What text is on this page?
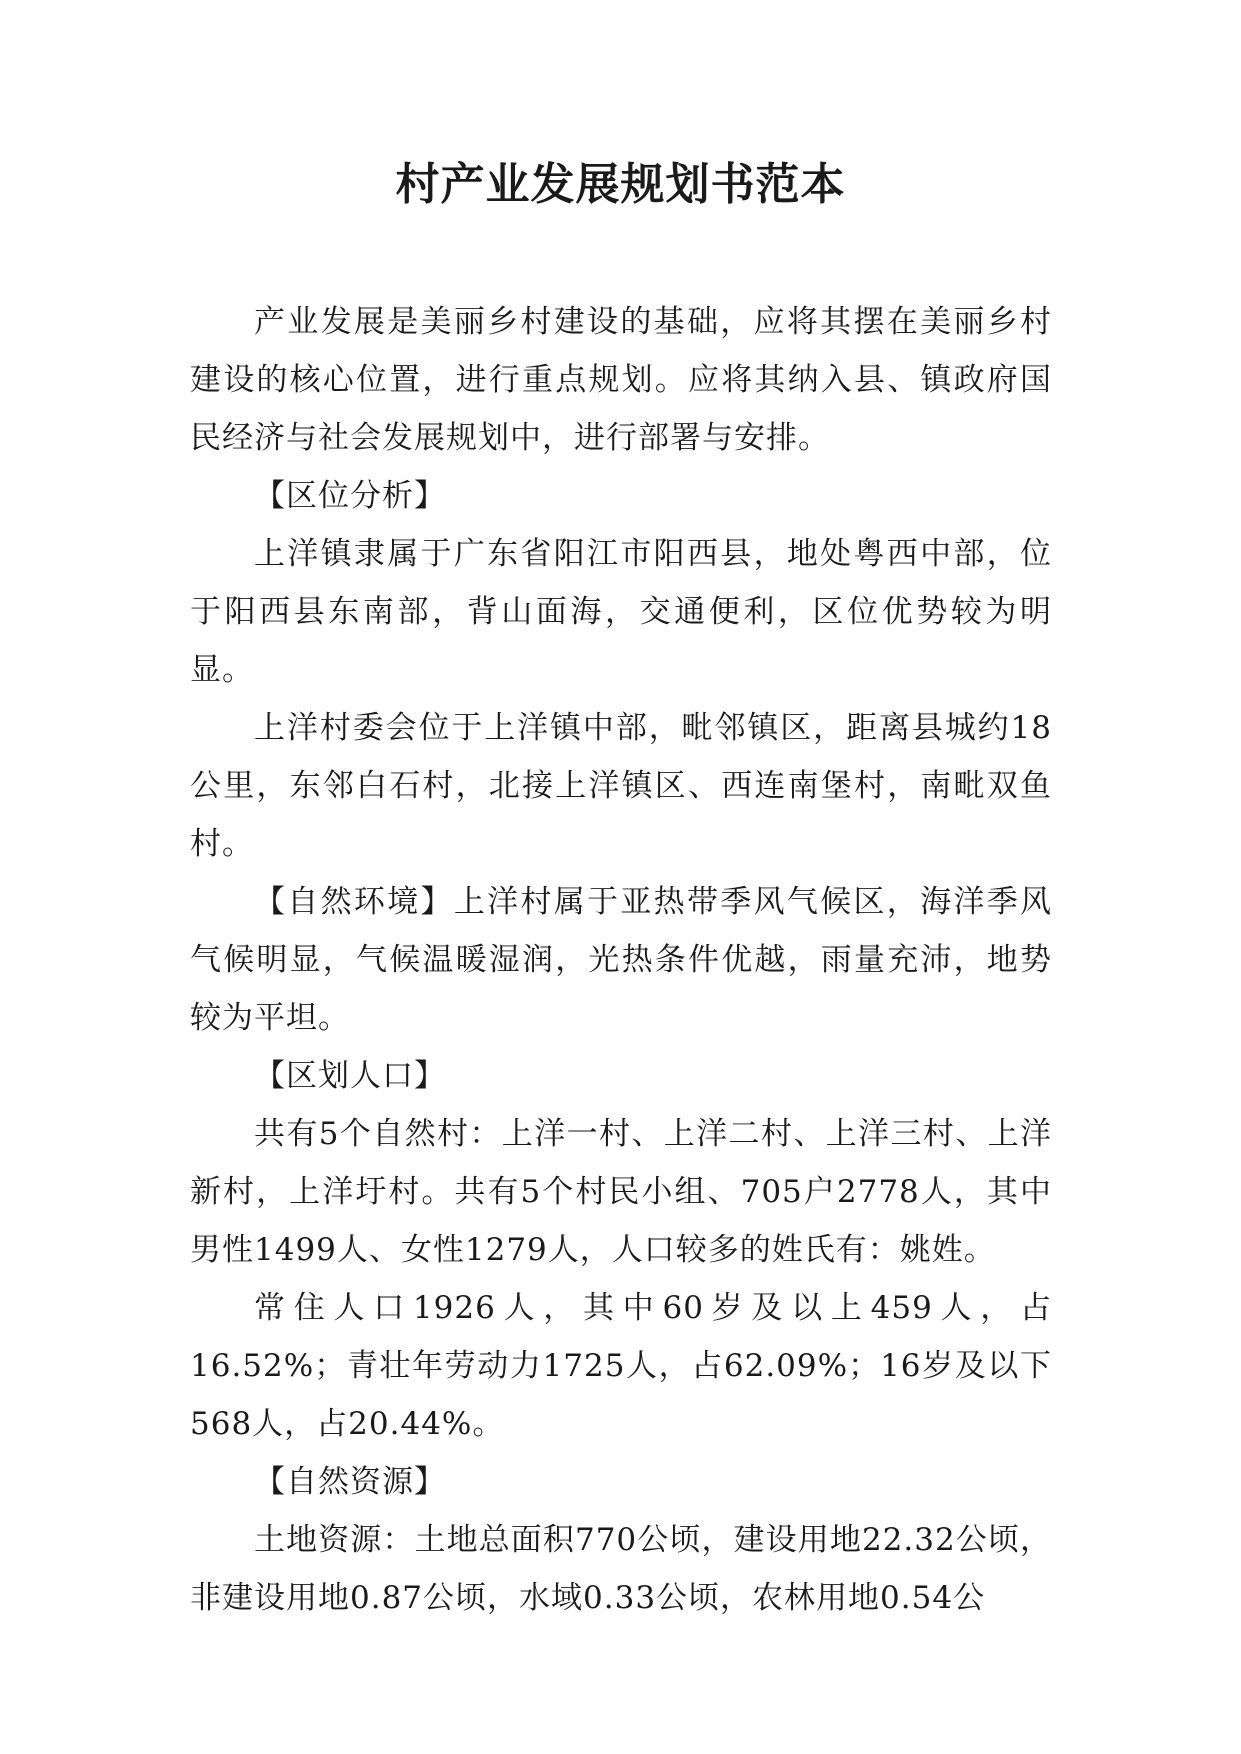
村产业发展规划书范本

产业发展是美丽乡村建设的基础，应将其摆在美丽乡村建设的核心位置，进行重点规划。应将其纳入县、镇政府国民经济与社会发展规划中，进行部署与安排。

【区位分析】

上洋镇隶属于广东省阳江市阳西县，地处粤西中部，位于阳西县东南部，背山面海，交通便利，区位优势较为明显。

上洋村委会位于上洋镇中部，毗邻镇区，距离县城约18公里，东邻白石村，北接上洋镇区、西连南堡村，南毗双鱼村。

【自然环境】上洋村属于亚热带季风气候区，海洋季风气候明显，气候温暖湿润，光热条件优越，雨量充沛，地势较为平坦。

【区划人口】

共有5个自然村：上洋一村、上洋二村、上洋三村、上洋新村，上洋圩村。共有5个村民小组、705户2778人，其中男性1499人、女性1279人，人口较多的姓氏有：姚姓。

常住人口1926人，其中60岁及以上459人，占16.52%；青壮年劳动力1725人，占62.09%；16岁及以下568人，占20.44%。

【自然资源】

土地资源：土地总面积770公顷，建设用地22.32公顷，非建设用地0.87公顷，水域0.33公顷，农林用地0.54公
